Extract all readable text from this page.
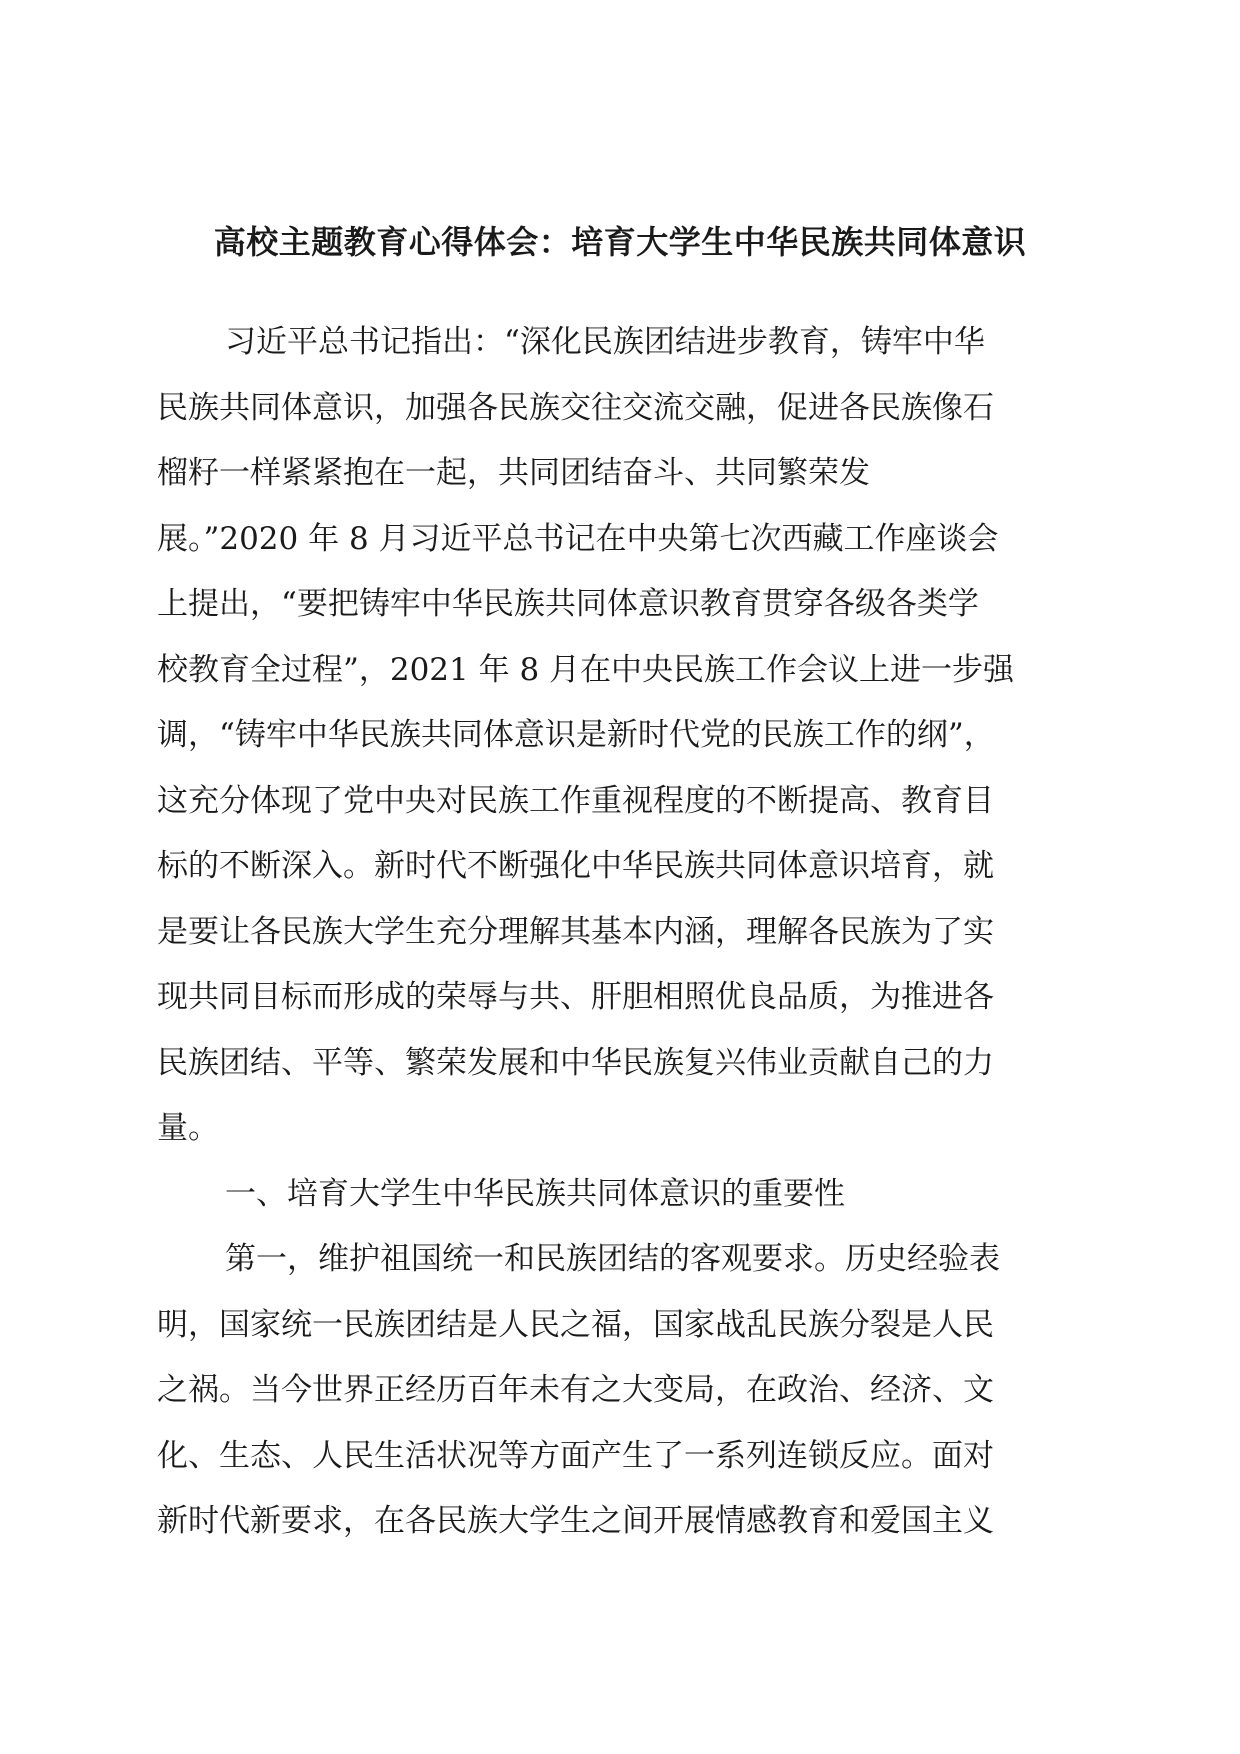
高校主题教育心得体会：培育大学生中华民族共同体意识
习近平总书记指出：“深化民族团结进步教育，铸牢中华
民族共同体意识，加强各民族交往交流交融，促进各民族像石
榴籽一样紧紧抱在一起，共同团结奋斗、共同繁荣发
展。”2020 年 8 月习近平总书记在中央第七次西藏工作座谈会
上提出，“要把铸牢中华民族共同体意识教育贯穿各级各类学
校教育全过程”，2021 年 8 月在中央民族工作会议上进一步强
调，“铸牢中华民族共同体意识是新时代党的民族工作的纲”，
这充分体现了党中央对民族工作重视程度的不断提高、教育目
标的不断深入。新时代不断强化中华民族共同体意识培育，就
是要让各民族大学生充分理解其基本内涵，理解各民族为了实
现共同目标而形成的荣辱与共、肝胆相照优良品质，为推进各
民族团结、平等、繁荣发展和中华民族复兴伟业贡献自己的力
量。
一、培育大学生中华民族共同体意识的重要性
第一，维护祖国统一和民族团结的客观要求。历史经验表
明，国家统一民族团结是人民之福，国家战乱民族分裂是人民
之祸。当今世界正经历百年未有之大变局，在政治、经济、文
化、生态、人民生活状况等方面产生了一系列连锁反应。面对
新时代新要求，在各民族大学生之间开展情感教育和爱国主义
